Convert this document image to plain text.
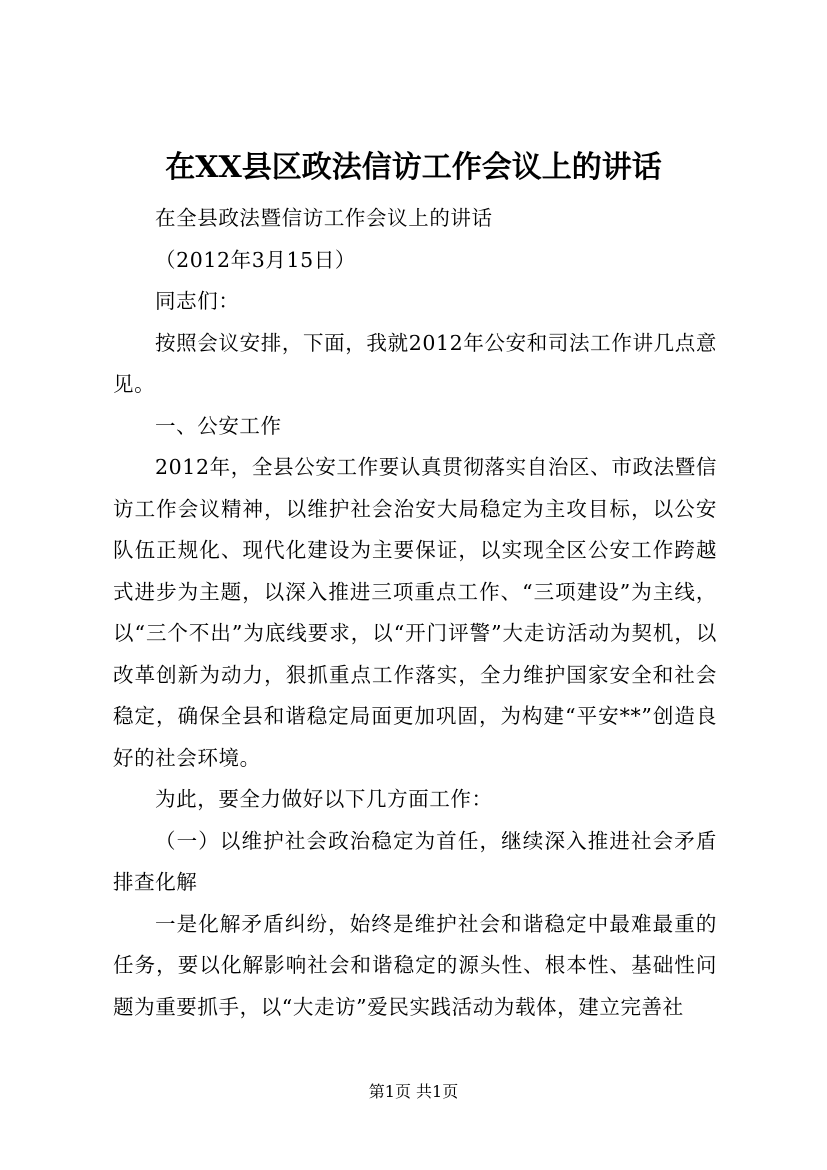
在XX县区政法信访工作会议上的讲话

在全县政法暨信访工作会议上的讲话

（2012年3月15日）

同志们：

按照会议安排，下面，我就2012年公安和司法工作讲几点意见。

一、公安工作

2012年，全县公安工作要认真贯彻落实自治区、市政法暨信访工作会议精神，以维护社会治安大局稳定为主攻目标，以公安队伍正规化、现代化建设为主要保证，以实现全区公安工作跨越式进步为主题，以深入推进三项重点工作、“三项建设”为主线，以“三个不出”为底线要求，以“开门评警”大走访活动为契机，以改革创新为动力，狠抓重点工作落实，全力维护国家安全和社会稳定，确保全县和谐稳定局面更加巩固，为构建“平安**”创造良好的社会环境。

为此，要全力做好以下几方面工作：

（一）以维护社会政治稳定为首任，继续深入推进社会矛盾排查化解

一是化解矛盾纠纷，始终是维护社会和谐稳定中最难最重的任务，要以化解影响社会和谐稳定的源头性、根本性、基础性问题为重要抓手，以“大走访”爱民实践活动为载体，建立完善社

第1页 共1页
